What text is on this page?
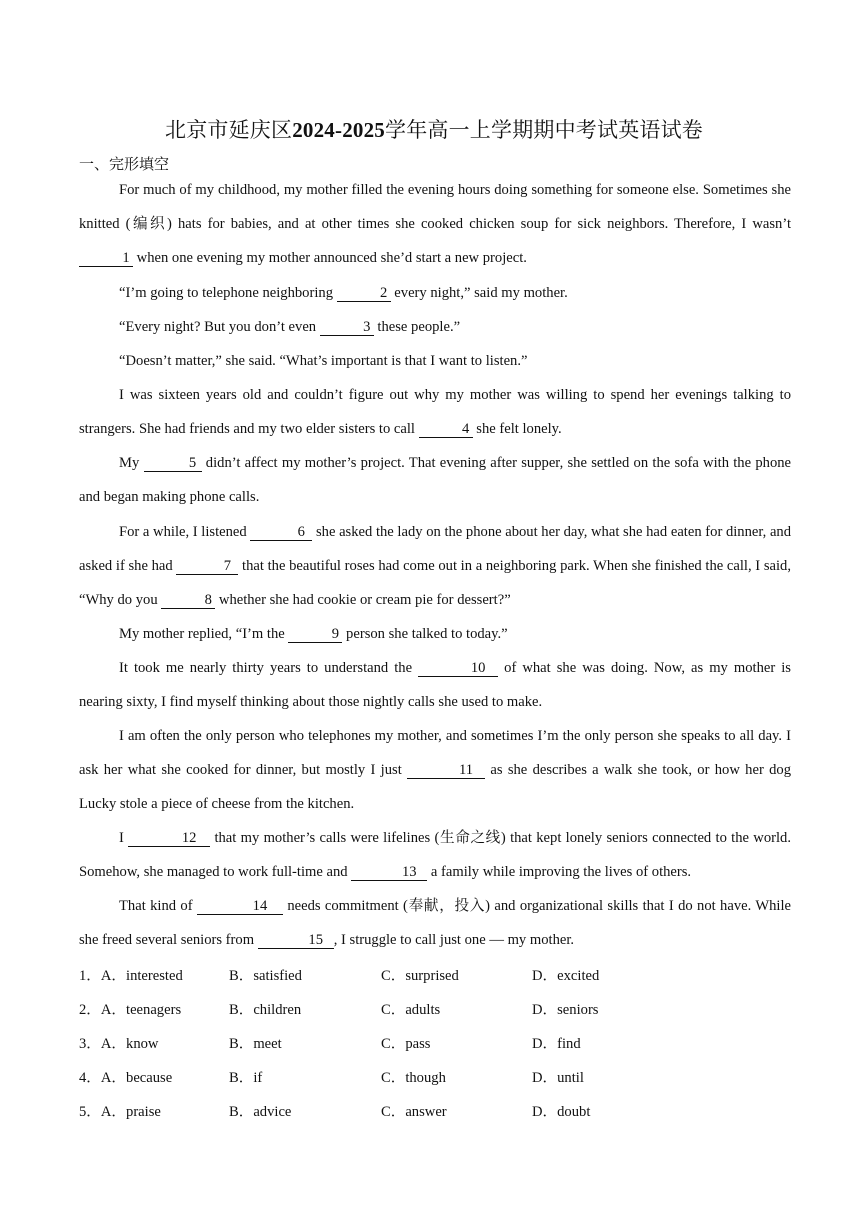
北京市延庆区2024-2025学年高一上学期期中考试英语试卷
一、完形填空

For much of my childhood, my mother filled the evening hours doing something for someone else. Sometimes she knitted (编织) hats for babies, and at other times she cooked chicken soup for sick neighbors. Therefore, I wasn’t 1 when one evening my mother announced she’d start a new project.

“I’m going to telephone neighboring	2 every night,” said my mother.

“Every night? But you don’t even	3 these people.”

“Doesn’t matter,” she said. “What’s important is that I want to listen.”

I was sixteen years old and couldn’t figure out why my mother was willing to spend her evenings talking to strangers. She had friends and my two elder sisters to call	4 she felt lonely.

My	5 didn’t affect my mother’s project. That evening after supper, she settled on the sofa with the phone and began making phone calls.

For a while, I listened	6 she asked the lady on the phone about her day, what she had eaten for dinner, and asked if she had	7 that the beautiful roses had come out in a neighboring park. When she finished the call, I said, “Why do you	8 whether she had cookie or cream pie for dessert?”

My mother replied, “I’m the	9 person she talked to today.”

It took me nearly thirty years to understand the	10 of what she was doing. Now, as my mother is nearing sixty, I find myself thinking about those nightly calls she used to make.

I am often the only person who telephones my mother, and sometimes I’m the only person she speaks to all day. I ask her what she cooked for dinner, but mostly I just	11 as she describes a walk she took, or how her dog Lucky stole a piece of cheese from the kitchen.

I	12 that my mother’s calls were lifelines (生命之线) that kept lonely seniors connected to the world. Somehow, she managed to work full-time and	13 a family while improving the lives of others.

That kind of	14 needs commitment (奉献，投入) and organizational skills that I do not have. While she freed several seniors from	15 , I struggle to call just one — my mother.

1．A．interested	B．satisfied	C．surprised	D．excited
2．A．teenagers	B．children	C．adults	D．seniors
3．A．know	B．meet	C．pass	D．find
4．A．because	B．if	C．though	D．until
5．A．praise	B．advice	C．answer	D．doubt
